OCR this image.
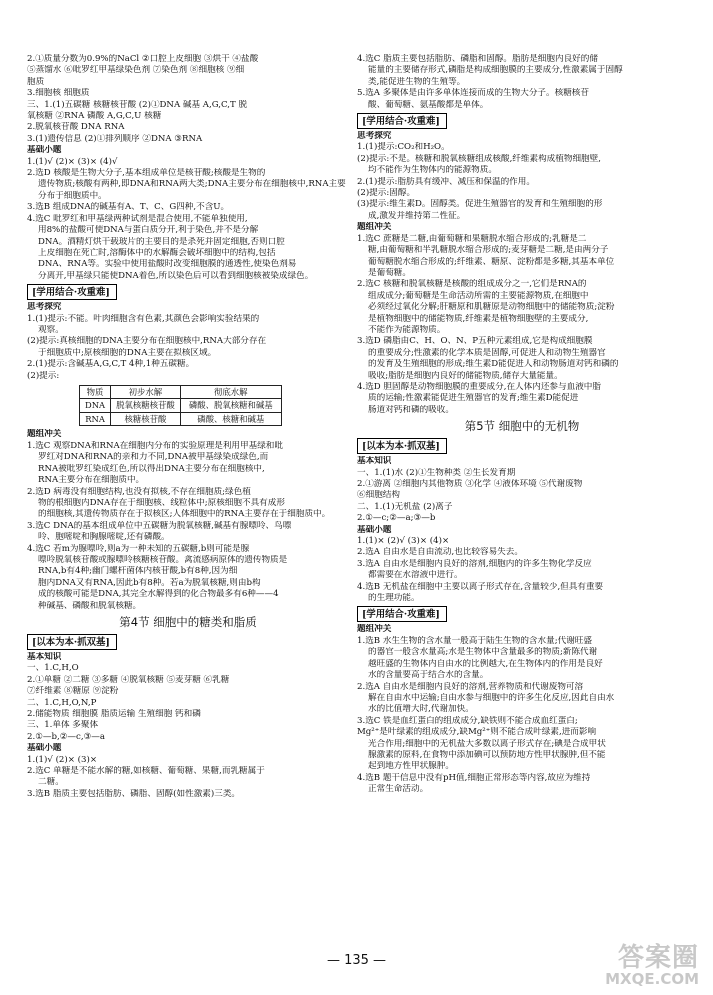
2.①质量分数为0.9%的NaCl ②口腔上皮细胞 ③烘干 ④盐酸

⑤蒸馏水 ⑥吡罗红甲基绿染色剂 ⑦染色剂 ⑧细胞核 ⑨细

胞质

3.细胞核 细胞质

三、1.(1)五碳糖 核糖核苷酸 (2)①DNA 碱基 A,G,C,T 脱

氧核糖 ②RNA 磷酸 A,G,C,U 核糖

2.脱氧核苷酸 DNA RNA

3.(1)遗传信息 (2)①排列顺序 ②DNA ③RNA

基础小题

1.(1)√ (2)× (3)× (4)√

2.选D 核酸是生物大分子,基本组成单位是核苷酸;核酸是生物的

遗传物质;核酸有两种,即DNA和RNA两大类;DNA主要分布在细胞核中,RNA主要分布于细胞质中。

3.选B 组成DNA的碱基有A、T、C、G四种,不含U。

4.选C 吡罗红和甲基绿两种试剂是混合使用,不能单独使用,

用8%的盐酸可使DNA与蛋白质分开,利于染色,并不是分解

DNA。酒精灯烘干载玻片的主要目的是杀死并固定细胞,否则口腔

上皮细胞在死亡时,溶酶体中的水解酶会破坏细胞中的结构,包括

DNA、RNA等。实验中使用盐酸时改变细胞膜的通透性,使染色剂易

分离开,甲基绿只能使DNA着色,所以染色后可以看到细胞核被染成绿色。

[学用结合·攻重难]

思考探究

1.(1)提示:不能。叶肉细胞含有色素,其颜色会影响实验结果的

观察。

(2)提示:真核细胞的DNA主要分布在细胞核中,RNA大部分存在

于细胞质中;原核细胞的DNA主要在拟核区域。

2.(1)提示:含碱基A,G,C,T 4种,1种五碳糖。

(2)提示:

物质	初步水解	彻底水解
DNA	脱氧核糖核苷酸	磷酸、脱氧核糖和碱基
RNA	核糖核苷酸	磷酸、核糖和碱基

题组冲关

1.选C 观察DNA和RNA在细胞内分布的实验原理是利用甲基绿和吡

罗红对DNA和RNA的亲和力不同,DNA被甲基绿染成绿色,而

RNA被吡罗红染成红色,所以得出DNA主要分布在细胞核中,

RNA主要分布在细胞质中。

2.选D 病毒没有细胞结构,也没有拟核,不存在细胞质;绿色植

物的根细胞内DNA存在于细胞核、线粒体中;原核细胞不具有成形

的细胞核,其遗传物质存在于拟核区;人体细胞中的RNA主要存在于细胞质中。

3.选C DNA的基本组成单位中五碳糖为脱氧核糖,碱基有腺嘌呤、鸟嘌

呤、胞嘧啶和胸腺嘧啶,还有磷酸。

4.选C 若m为腺嘌呤,则a为一种未知的五碳糖,b则可能是腺

嘌呤脱氧核苷酸或腺嘌呤核糖核苷酸。禽流感病原体的遗传物质是

RNA,b有4种;幽门螺杆菌体内核苷酸,b有8种,因为细

胞内DNA又有RNA,因此b有8种。若a为脱氧核糖,则由b构

成的核酸可能是DNA,其完全水解得到的化合物最多有6种——4

种碱基、磷酸和脱氧核糖。

第4节 细胞中的糖类和脂质
[以本为本·抓双基]

基本知识

一、1.C,H,O

2.①单糖 ②二糖 ③多糖 ④脱氧核糖 ⑤麦芽糖 ⑥乳糖

⑦纤维素 ⑧糖原 ⑨淀粉

二、1.C,H,O,N,P

2.储能物质 细胞膜 脂质运输 生殖细胞 钙和磷

三、1.单体 多聚体

2.①—b,②—c,③—a

基础小题

1.(1)√ (2)× (3)×

2.选C 单糖是不能水解的糖,如核糖、葡萄糖、果糖,而乳糖属于

二糖。

3.选B 脂质主要包括脂肪、磷脂、固醇(如性激素)三类。

4.选C 脂质主要包括脂肪、磷脂和固醇。脂肪是细胞内良好的储

能量的主要储存形式,磷脂是构成细胞膜的主要成分,性激素属于固醇

类,能促进生物的生殖等。

5.选A 多聚体是由许多单体连接而成的生物大分子。核糖核苷

酸、葡萄糖、氨基酸都是单体。

[学用结合·攻重难]

思考探究

1.(1)提示:CO₂和H₂O。

(2)提示:不是。核糖和脱氧核糖组成核酸,纤维素构成植物细胞壁,

均不能作为生物体内的能源物质。

2.(1)提示:脂肪具有缓冲、减压和保温的作用。

(2)提示:固醇。

(3)提示:维生素D。固醇类。促进生殖器官的发育和生殖细胞的形

成,激发并维持第二性征。

题组冲关

1.选C 蔗糖是二糖,由葡萄糖和果糖脱水缩合形成的;乳糖是二

糖,由葡萄糖和半乳糖脱水缩合形成的;麦芽糖是二糖,是由两分子

葡萄糖脱水缩合形成的;纤维素、糖原、淀粉都是多糖,其基本单位

是葡萄糖。

2.选C 核糖和脱氧核糖是核酸的组成成分之一,它们是RNA的

组成成分;葡萄糖是生命活动所需的主要能源物质,在细胞中

必须经过氧化分解;肝糖原和肌糖原是动物细胞中的储能物质;淀粉

是植物细胞中的储能物质,纤维素是植物细胞壁的主要成分,

不能作为能源物质。

3.选D 磷脂由C、H、O、N、P五种元素组成,它是构成细胞膜

的重要成分;性激素的化学本质是固醇,可促进人和动物生殖器官

的发育及生殖细胞的形成;维生素D能促进人和动物肠道对钙和磷的

吸收;脂肪是细胞内良好的储能物质,储存大量能量。

4.选D 胆固醇是动物细胞膜的重要成分,在人体内还参与血液中脂

质的运输;性激素能促进生殖器官的发育;维生素D能促进

肠道对钙和磷的吸收。

第5节 细胞中的无机物
[以本为本·抓双基]

基本知识

一、1.(1)水 (2)①生物种类 ②生长发育期

2.①游离 ②细胞内其他物质 ③化学 ④液体环境 ⑤代谢废物

⑥细胞结构

二、1.(1)无机盐 (2)离子

2.①—c;②—a;③—b

基础小题

1.(1)× (2)√ (3)× (4)×

2.选A 自由水是自由流动,也比较容易失去。

3.选A 自由水是细胞内良好的溶剂,细胞内的许多生物化学反应

都需要在水溶液中进行。

4.选B 无机盐在细胞中主要以离子形式存在,含量较少,但具有重要

的生理功能。

[学用结合·攻重难]

题组冲关

1.选B 水生生物的含水量一般高于陆生生物的含水量;代谢旺盛

的器官一般含水量高;水是生物体中含量最多的物质;新陈代谢

越旺盛的生物体内自由水的比例越大,在生物体内的作用是良好

水的含量要高于结合水的含量。

2.选A 自由水是细胞内良好的溶剂,营养物质和代谢废物可溶

解在自由水中运输;自由水参与细胞中的许多生化反应,因此自由水

水的比值增大时,代谢加快。

3.选C 铁是血红蛋白的组成成分,缺铁则不能合成血红蛋白;

Mg²⁺是叶绿素的组成成分,缺Mg²⁺则不能合成叶绿素,进而影响

光合作用;细胞中的无机盐大多数以离子形式存在;碘是合成甲状

腺激素的原料,在食物中添加碘可以预防地方性甲状腺肿,但不能

起到地方性甲状腺肿。

4.选B 题干信息中没有pH值,细胞正常形态等内容,故应为维持

正常生命活动。

— 135 —	答案圈
MXQE.COM
